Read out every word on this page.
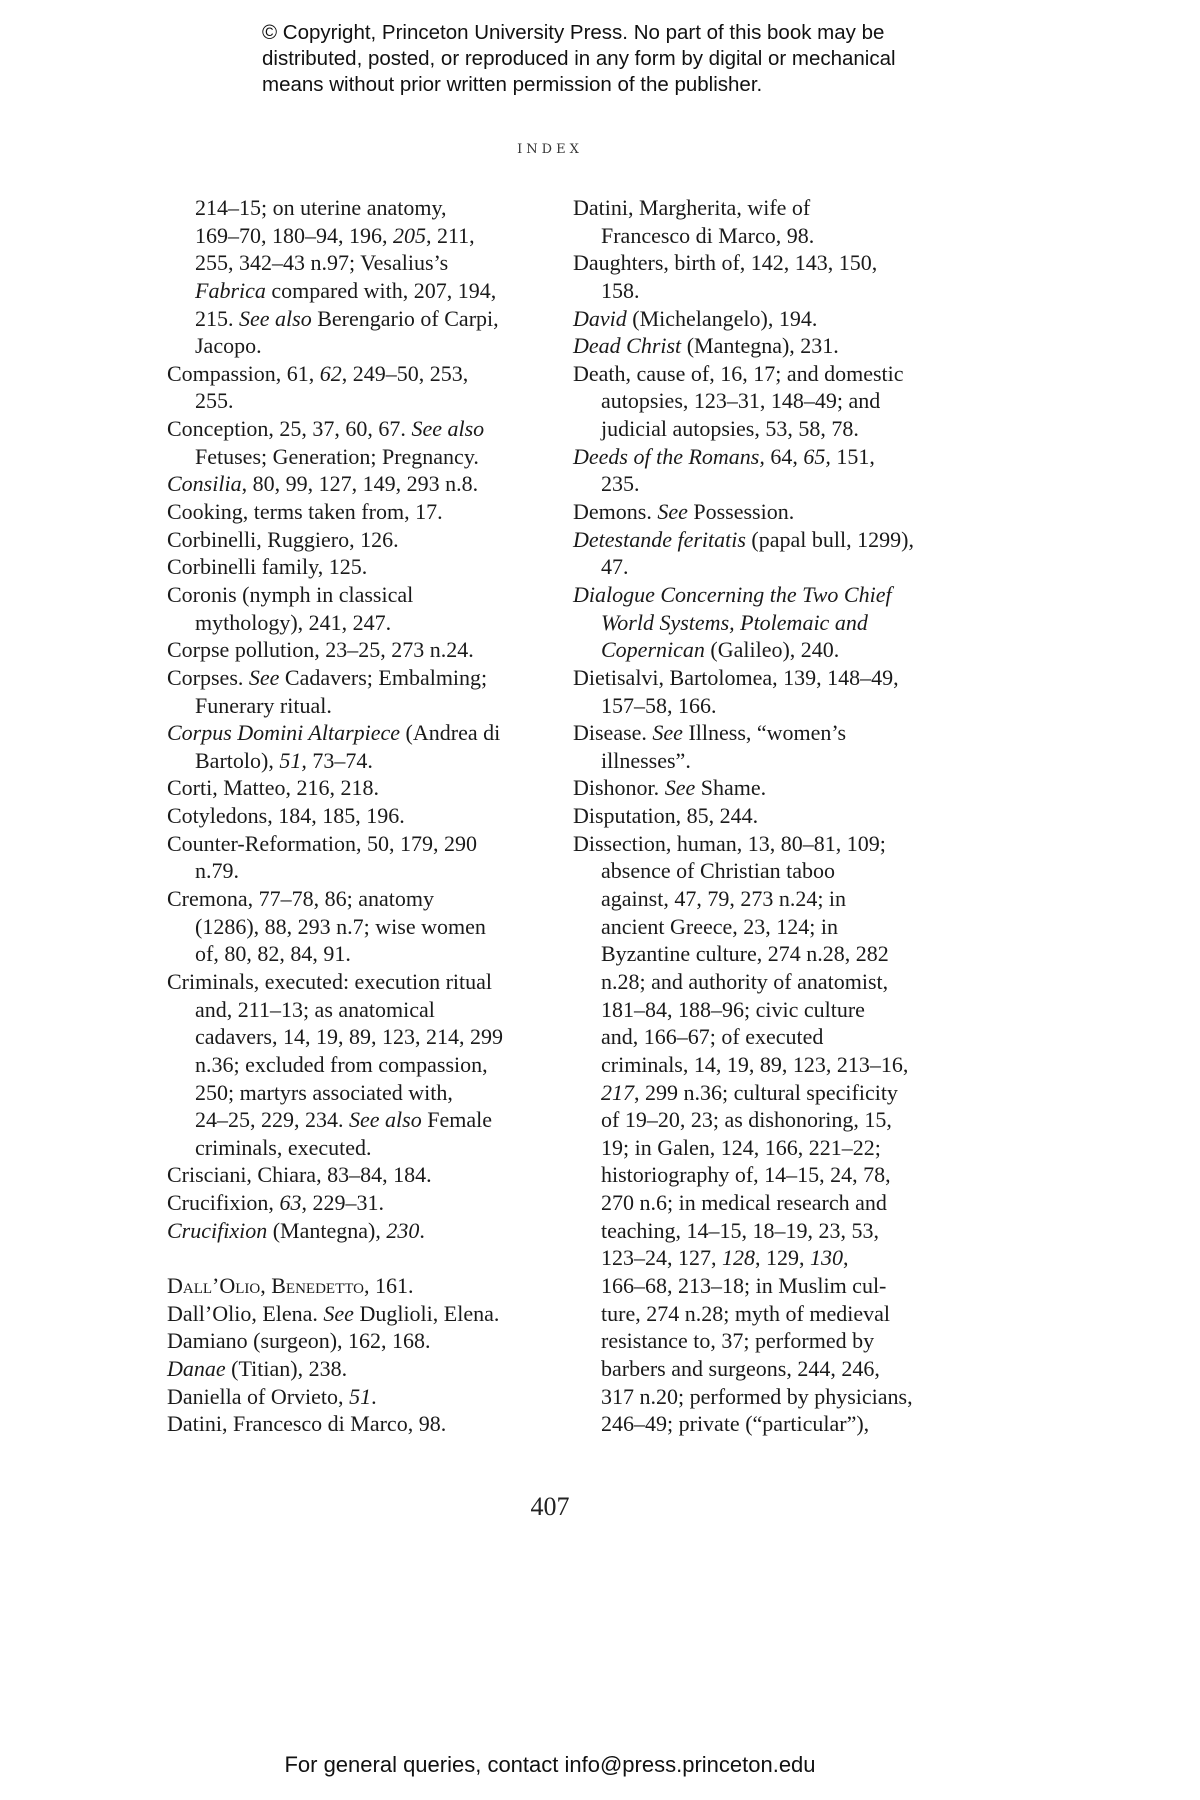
© Copyright, Princeton University Press. No part of this book may be
distributed, posted, or reproduced in any form by digital or mechanical
means without prior written permission of the publisher.
INDEX
214–15; on uterine anatomy,
169–70, 180–94, 196, 205, 211,
255, 342–43 n.97; Vesalius’s
Fabrica compared with, 207, 194,
215. See also Berengario of Carpi,
Jacopo.
Compassion, 61, 62, 249–50, 253,
255.
Conception, 25, 37, 60, 67. See also
Fetuses; Generation; Pregnancy.
Consilia, 80, 99, 127, 149, 293 n.8.
Cooking, terms taken from, 17.
Corbinelli, Ruggiero, 126.
Corbinelli family, 125.
Coronis (nymph in classical
mythology), 241, 247.
Corpse pollution, 23–25, 273 n.24.
Corpses. See Cadavers; Embalming;
Funerary ritual.
Corpus Domini Altarpiece (Andrea di
Bartolo), 51, 73–74.
Corti, Matteo, 216, 218.
Cotyledons, 184, 185, 196.
Counter-Reformation, 50, 179, 290
n.79.
Cremona, 77–78, 86; anatomy
(1286), 88, 293 n.7; wise women
of, 80, 82, 84, 91.
Criminals, executed: execution ritual
and, 211–13; as anatomical
cadavers, 14, 19, 89, 123, 214, 299
n.36; excluded from compassion,
250; martyrs associated with,
24–25, 229, 234. See also Female
criminals, executed.
Crisciani, Chiara, 83–84, 184.
Crucifixion, 63, 229–31.
Crucifixion (Mantegna), 230.
Dall’Olio, Benedetto, 161.
Dall’Olio, Elena. See Duglioli, Elena.
Damiano (surgeon), 162, 168.
Danae (Titian), 238.
Daniella of Orvieto, 51.
Datini, Francesco di Marco, 98.
Datini, Margherita, wife of
Francesco di Marco, 98.
Daughters, birth of, 142, 143, 150,
158.
David (Michelangelo), 194.
Dead Christ (Mantegna), 231.
Death, cause of, 16, 17; and domestic
autopsies, 123–31, 148–49; and
judicial autopsies, 53, 58, 78.
Deeds of the Romans, 64, 65, 151,
235.
Demons. See Possession.
Detestande feritatis (papal bull, 1299),
47.
Dialogue Concerning the Two Chief
World Systems, Ptolemaic and
Copernican (Galileo), 240.
Dietisalvi, Bartolomea, 139, 148–49,
157–58, 166.
Disease. See Illness, “women’s
illnesses”.
Dishonor. See Shame.
Disputation, 85, 244.
Dissection, human, 13, 80–81, 109;
absence of Christian taboo
against, 47, 79, 273 n.24; in
ancient Greece, 23, 124; in
Byzantine culture, 274 n.28, 282
n.28; and authority of anatomist,
181–84, 188–96; civic culture
and, 166–67; of executed
criminals, 14, 19, 89, 123, 213–16,
217, 299 n.36; cultural specificity
of 19–20, 23; as dishonoring, 15,
19; in Galen, 124, 166, 221–22;
historiography of, 14–15, 24, 78,
270 n.6; in medical research and
teaching, 14–15, 18–19, 23, 53,
123–24, 127, 128, 129, 130,
166–68, 213–18; in Muslim cul-
ture, 274 n.28; myth of medieval
resistance to, 37; performed by
barbers and surgeons, 244, 246,
317 n.20; performed by physicians,
246–49; private (“particular”),
407
For general queries, contact info@press.princeton.edu
